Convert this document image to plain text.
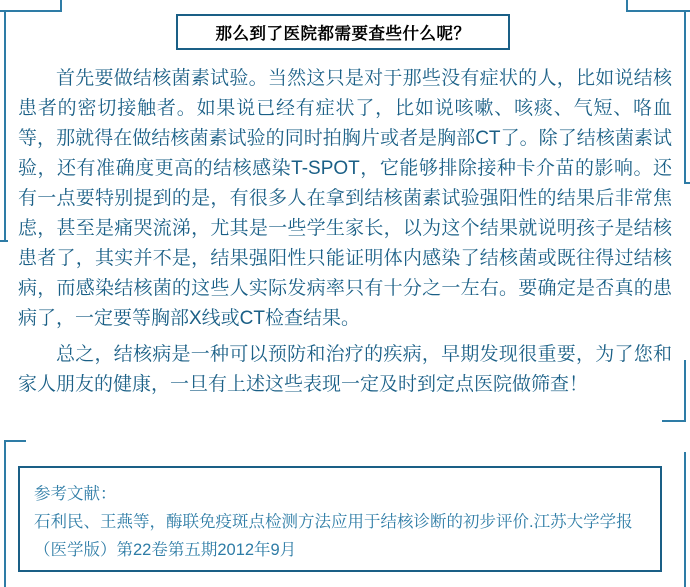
那么到了医院都需要查些什么呢？

首先要做结核菌素试验。当然这只是对于那些没有症状的人，比如说结核患者的密切接触者。如果说已经有症状了，比如说咳嗽、咳痰、气短、咯血等，那就得在做结核菌素试验的同时拍胸片或者是胸部CT了。除了结核菌素试验，还有准确度更高的结核感染T-SPOT，它能够排除接种卡介苗的影响。还有一点要特别提到的是，有很多人在拿到结核菌素试验强阳性的结果后非常焦虑，甚至是痛哭流涕，尤其是一些学生家长，以为这个结果就说明孩子是结核患者了，其实并不是，结果强阳性只能证明体内感染了结核菌或既往得过结核病，而感染结核菌的这些人实际发病率只有十分之一左右。要确定是否真的患病了，一定要等胸部X线或CT检查结果。

总之，结核病是一种可以预防和治疗的疾病，早期发现很重要，为了您和家人朋友的健康，一旦有上述这些表现一定及时到定点医院做筛查！

参考文献：

石利民、王燕等，酶联免疫斑点检测方法应用于结核诊断的初步评价.江苏大学学报（医学版）第22卷第五期2012年9月
